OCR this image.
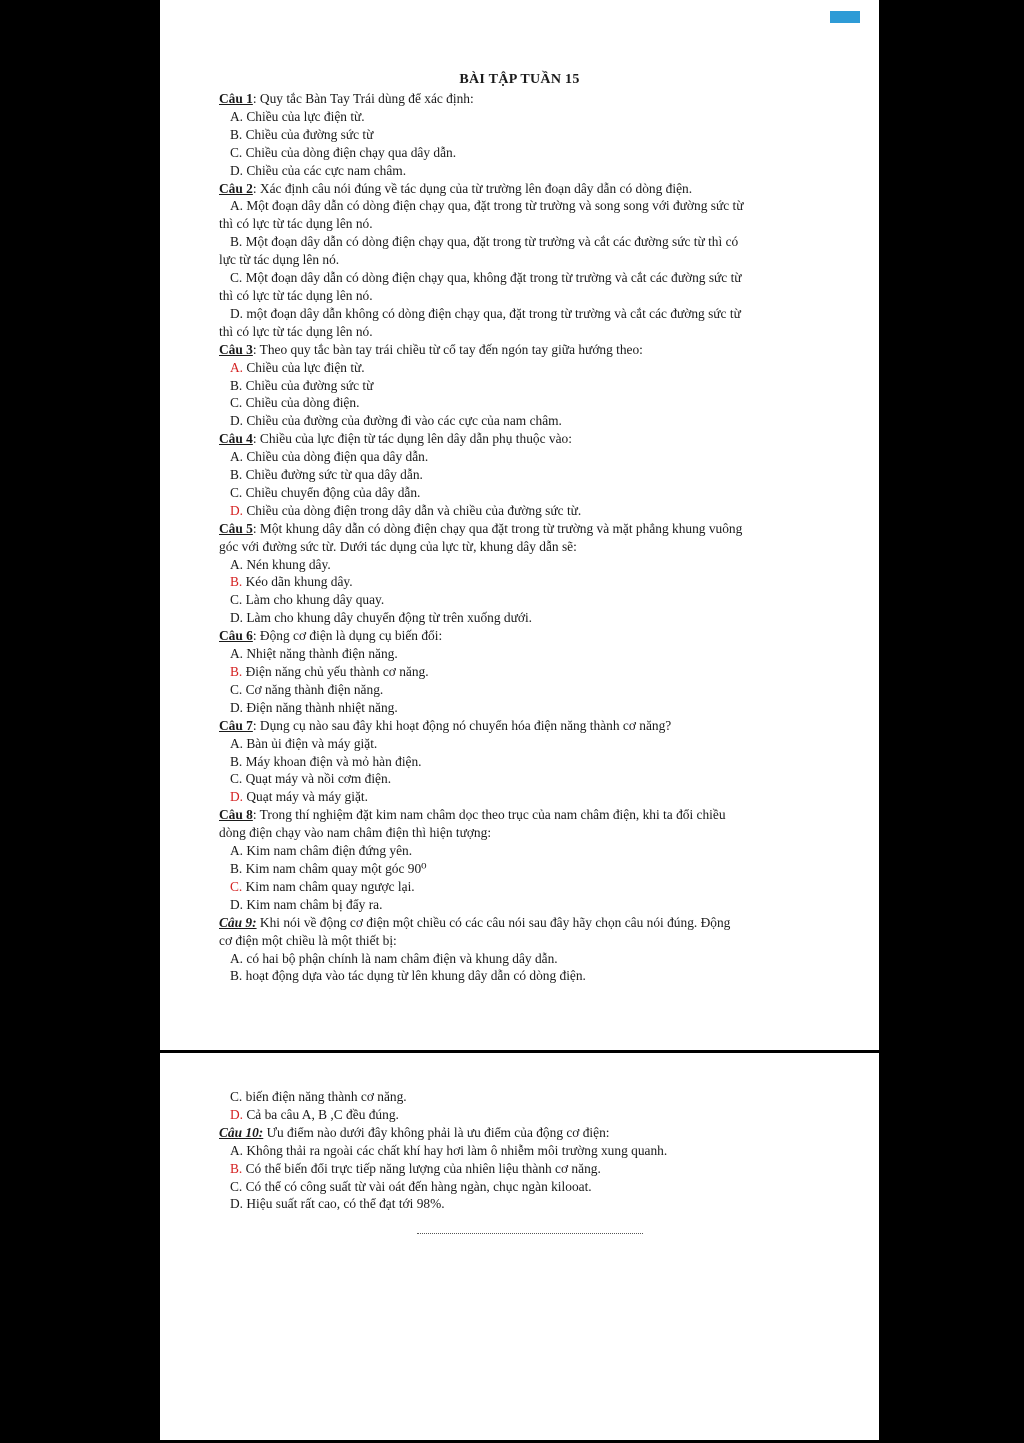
BÀI TẬP TUẦN 15

Câu 1: Quy tắc Bàn Tay Trái dùng để xác định:

A. Chiều của lực điện từ.

B. Chiều của đường sức từ

C. Chiều của dòng điện chạy qua dây dẫn.

D. Chiều của các cực nam châm.

Câu 2: Xác định câu nói đúng về tác dụng của từ trường lên đoạn dây dẫn có dòng điện.

A. Một đoạn dây dẫn có dòng điện chạy qua, đặt trong từ trường và song song với đường sức từ

thì có lực từ tác dụng lên nó.

B. Một đoạn dây dẫn có dòng điện chạy qua, đặt trong từ trường và cắt các đường sức từ thì có

lực từ tác dụng lên nó.

C. Một đoạn dây dẫn có dòng điện chạy qua, không đặt trong từ trường và cắt các đường sức từ

thì có lực từ tác dụng lên nó.

D. một đoạn dây dẫn không có dòng điện chạy qua, đặt trong từ trường và cắt các đường sức từ

thì có lực từ tác dụng lên nó.

Câu 3: Theo quy tắc bàn tay trái chiều từ cổ tay đến ngón tay giữa hướng theo:

A. Chiều của lực điện từ.

B. Chiều của đường sức từ

C. Chiều của dòng điện.

D. Chiều của đường của đường đi vào các cực của nam châm.

Câu 4: Chiều của lực điện từ tác dụng lên dây dẫn phụ thuộc vào:

A. Chiều của dòng điện qua dây dẫn.

B. Chiều đường sức từ qua dây dẫn.

C. Chiều chuyển động của dây dẫn.

D. Chiều của dòng điện trong dây dẫn và chiều của đường sức từ.

Câu 5: Một khung dây dẫn có dòng điện chạy qua đặt trong từ trường và mặt phẳng khung vuông

góc với đường sức từ. Dưới tác dụng của lực từ, khung dây dẫn sẽ:

A. Nén khung dây.

B. Kéo dãn khung dây.

C. Làm cho khung dây quay.

D. Làm cho khung dây chuyển động từ trên xuống dưới.

Câu 6: Động cơ điện là dụng cụ biến đổi:

A. Nhiệt năng thành điện năng.

B. Điện năng chủ yếu thành cơ năng.

C. Cơ năng thành điện năng.

D. Điện năng thành nhiệt năng.

Câu 7: Dụng cụ nào sau đây khi hoạt động nó chuyển hóa điện năng thành cơ năng?

A. Bàn ủi điện và máy giặt.

B. Máy khoan điện và mỏ hàn điện.

C. Quạt máy và nồi cơm điện.

D. Quạt máy và máy giặt.

Câu 8: Trong thí nghiệm đặt kim nam châm dọc theo trục của nam châm điện, khi ta đổi chiều

dòng điện chạy vào nam châm điện thì hiện tượng:

A. Kim nam châm điện đứng yên.

B. Kim nam châm quay một góc 90⁰

C. Kim nam châm quay ngược lại.

D. Kim nam châm bị đẩy ra.

Câu 9: Khi nói về động cơ điện một chiều có các câu nói sau đây hãy chọn câu nói đúng. Động

cơ điện một chiều là một thiết bị:

A. có hai bộ phận chính là nam châm điện và khung dây dẫn.

B. hoạt động dựa vào tác dụng từ lên khung dây dẫn có dòng điện.

C. biến điện năng thành cơ năng.

D. Cả ba câu A, B ,C đều đúng.

Câu 10: Ưu điểm nào dưới đây không phải là ưu điểm của động cơ điện:

A. Không thải ra ngoài các chất khí hay hơi làm ô nhiễm môi trường xung quanh.

B. Có thể biến đổi trực tiếp năng lượng của nhiên liệu thành cơ năng.

C. Có thể có công suất từ vài oát đến hàng ngàn, chục ngàn kilooat.

D. Hiệu suất rất cao, có thể đạt tới 98%.
